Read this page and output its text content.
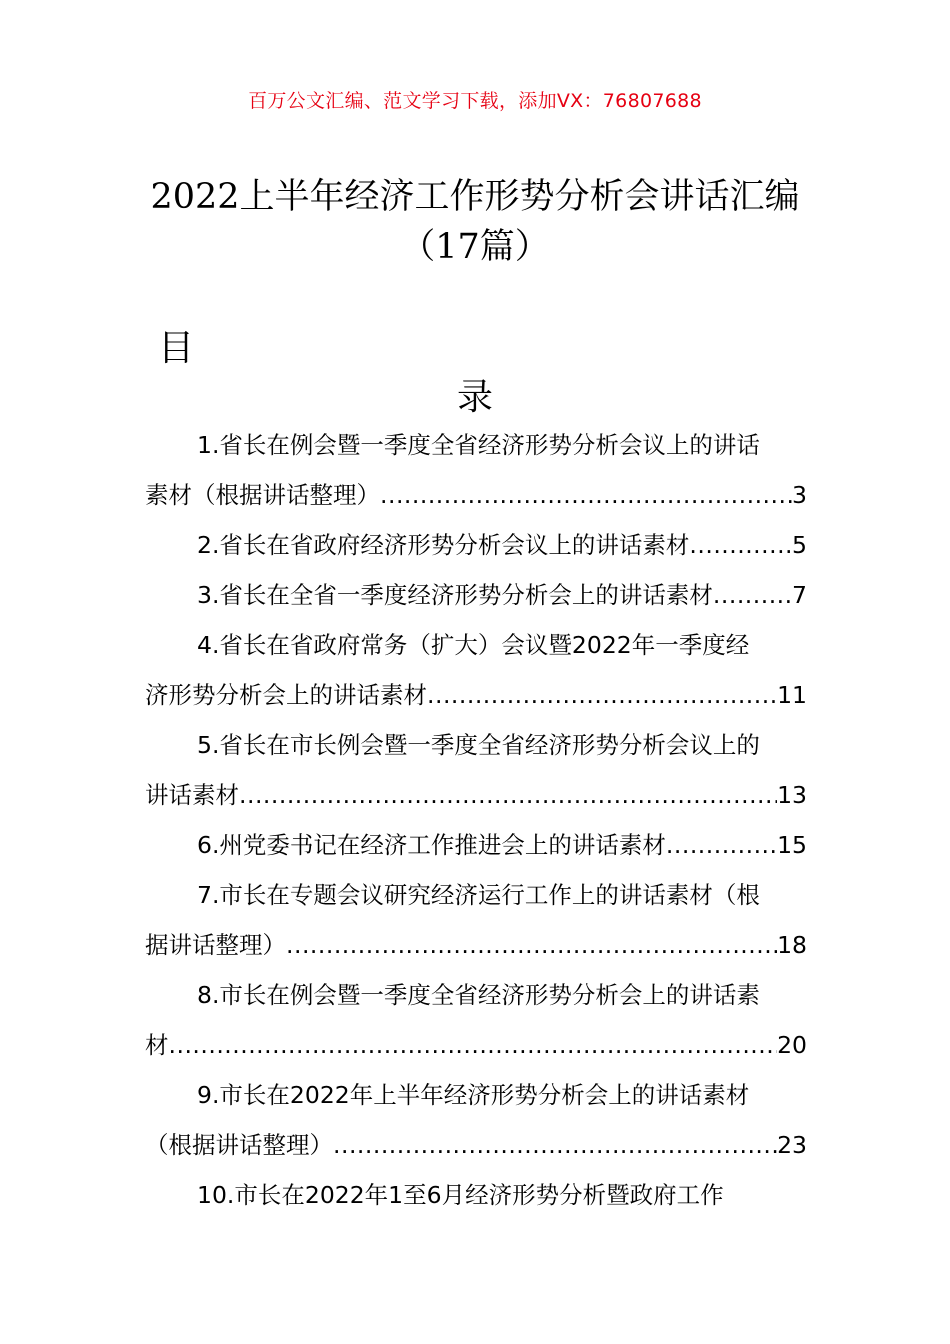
百万公文汇编、范文学习下载，添加VX：76807688
2022上半年经济工作形势分析会讲话汇编
（17篇）
目
录
1.省长在例会暨一季度全省经济形势分析会议上的讲话
素材（根据讲话整理） .....	3
2.省长在省政府经济形势分析会议上的讲话素材 .....	5
3.省长在全省一季度经济形势分析会上的讲话素材 .....	7
4.省长在省政府常务（扩大）会议暨2022年一季度经
济形势分析会上的讲话素材 .....	11
5.省长在市长例会暨一季度全省经济形势分析会议上的
讲话素材 .....	13
6.州党委书记在经济工作推进会上的讲话素材 .....	15
7.市长在专题会议研究经济运行工作上的讲话素材（根
据讲话整理） .....	18
8.市长在例会暨一季度全省经济形势分析会上的讲话素
材 .....	20
9.市长在2022年上半年经济形势分析会上的讲话素材
（根据讲话整理） .....	23
10.市长在2022年1至6月经济形势分析暨政府工作
